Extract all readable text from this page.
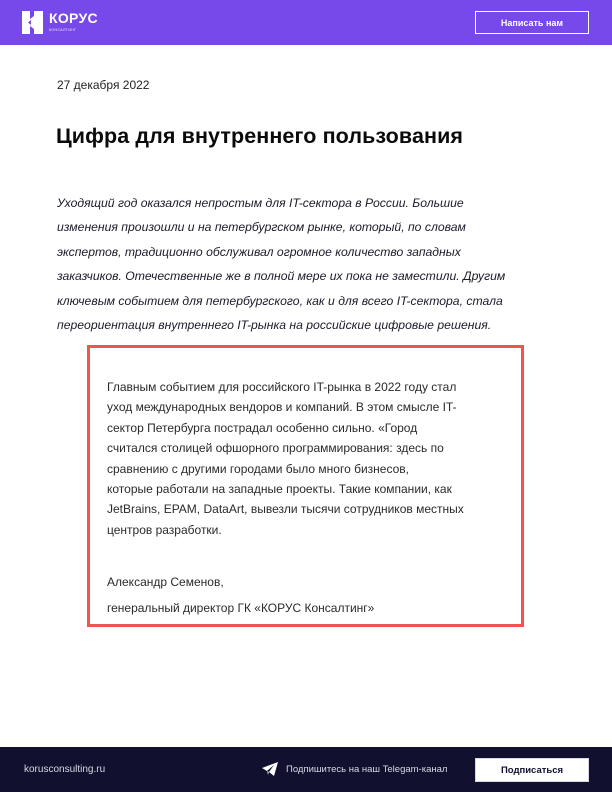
КОРУС
КОНСАЛТИНГ
Написать нам
27 декабря 2022
Цифра для внутреннего пользования
Уходящий год оказался непростым для IT-сектора в России. Большие
изменения произошли и на петербургском рынке, который, по словам
экспертов, традиционно обслуживал огромное количество западных
заказчиков. Отечественные же в полной мере их пока не заместили. Другим
ключевым событием для петербургского, как и для всего IT-сектора, стала
переориентация внутреннего IT-рынка на российские цифровые решения.
Главным событием для российского IT-рынка в 2022 году стал
уход международных вендоров и компаний. В этом смысле IT-
сектор Петербурга пострадал особенно сильно. «Город
считался столицей офшорного программирования: здесь по
сравнению с другими городами было много бизнесов,
которые работали на западные проекты. Такие компании, как
JetBrains, EPAM, DataArt, вывезли тысячи сотрудников местных
центров разработки.
Александр Семенов,
генеральный директор ГК «КОРУС Консалтинг»
korusconsulting.ru	Подпишитесь на наш Telegam-канал	Подписаться
